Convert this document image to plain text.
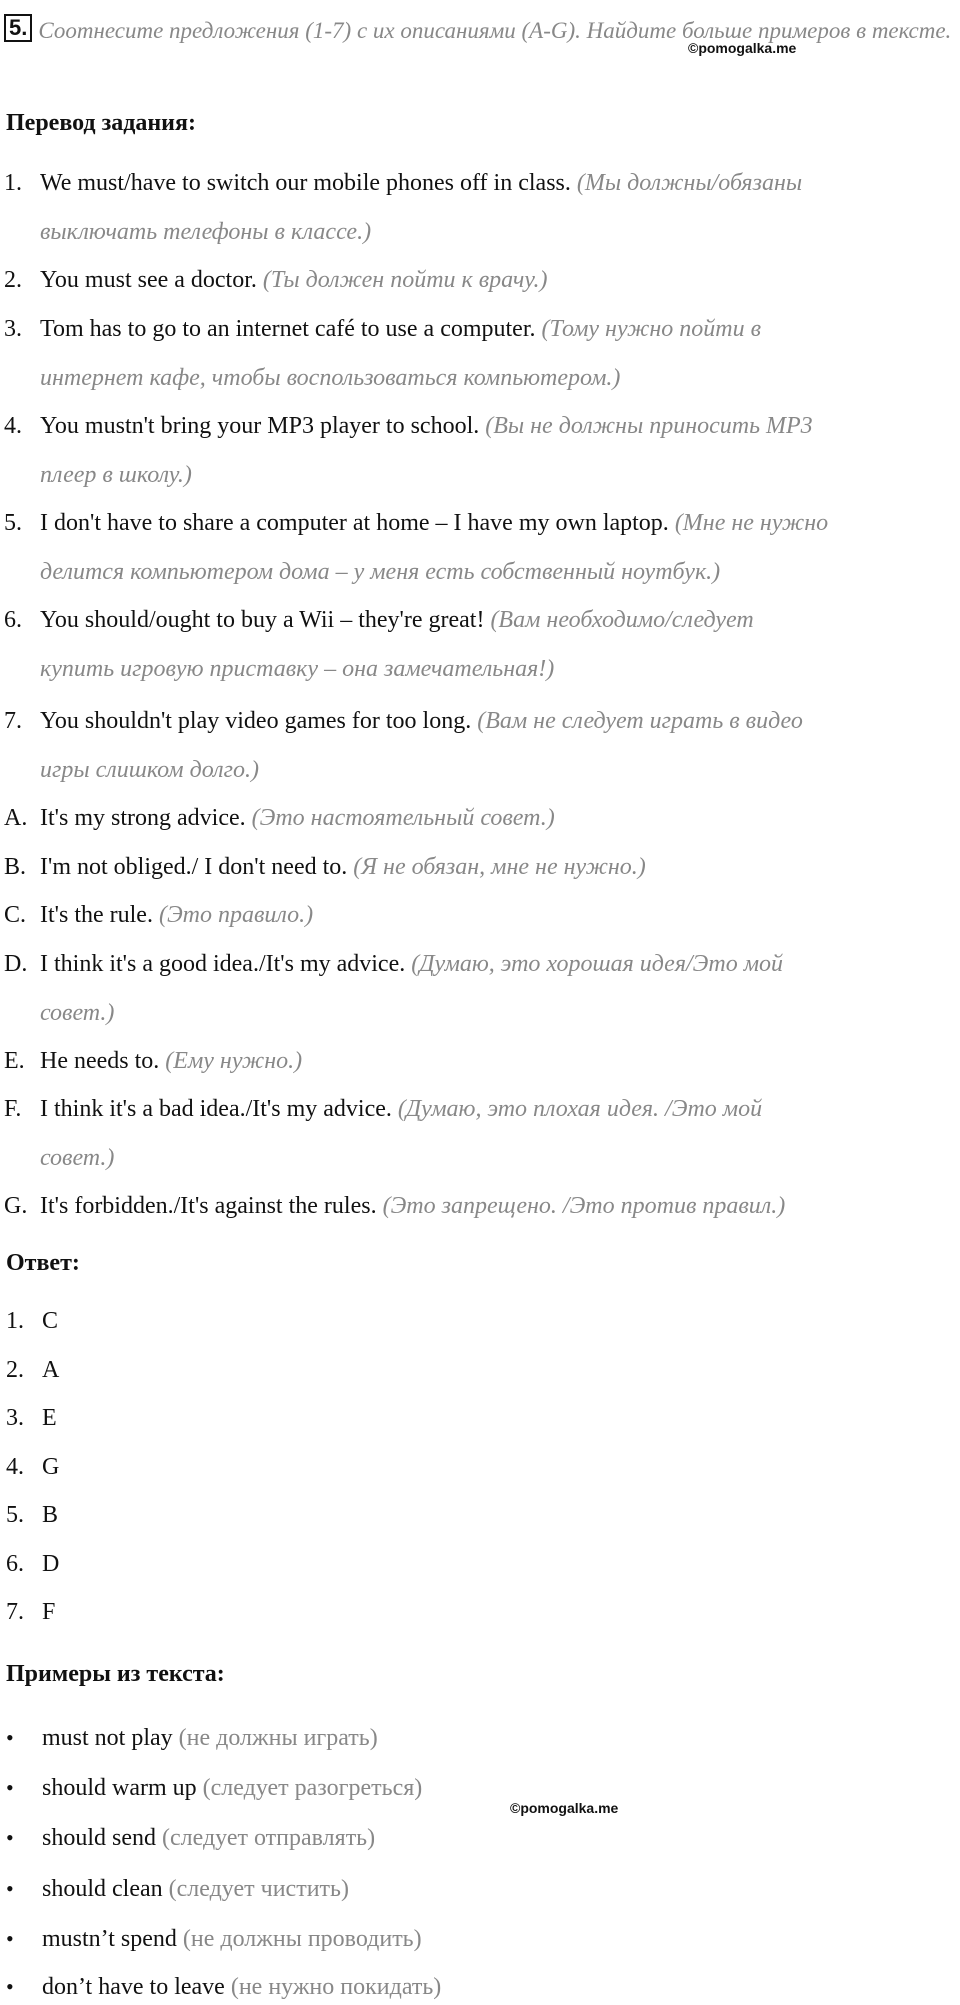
©pomogalka.me
©pomogalka.me
5. Соотнесите предложения (1-7) с их описаниями (A-G). Найдите больше примеров в тексте.
Перевод задания:
1. We must/have to switch our mobile phones off in class. (Мы должны/обязаны
выключать телефоны в классе.)
2. You must see a doctor. (Ты должен пойти к врачу.)
3. Tom has to go to an internet café to use a computer. (Тому нужно пойти в
интернет кафе, чтобы воспользоваться компьютером.)
4. You mustn't bring your MP3 player to school. (Вы не должны приносить MP3
плеер в школу.)
5. I don't have to share a computer at home – I have my own laptop. (Мне не нужно
делится компьютером дома – у меня есть собственный ноутбук.)
6. You should/ought to buy a Wii – they're great! (Вам необходимо/следует
купить игровую приставку – она замечательная!)
7. You shouldn't play video games for too long. (Вам не следует играть в видео
игры слишком долго.)
A. It's my strong advice. (Это настоятельный совет.)
B. I'm not obliged./ I don't need to. (Я не обязан, мне не нужно.)
C. It's the rule. (Это правило.)
D. I think it's a good idea./It's my advice. (Думаю, это хорошая идея/Это мой
совет.)
E. He needs to. (Ему нужно.)
F. I think it's a bad idea./It's my advice. (Думаю, это плохая идея. /Это мой
совет.)
G. It's forbidden./It's against the rules. (Это запрещено. /Это против правил.)
Ответ:
1. C
2. A
3. E
4. G
5. B
6. D
7. F
Примеры из текста:
• must not play (не должны играть)
• should warm up (следует разогреться)
• should send (следует отправлять)
• should clean (следует чистить)
• mustn’t spend (не должны проводить)
• don’t have to leave (не нужно покидать)
